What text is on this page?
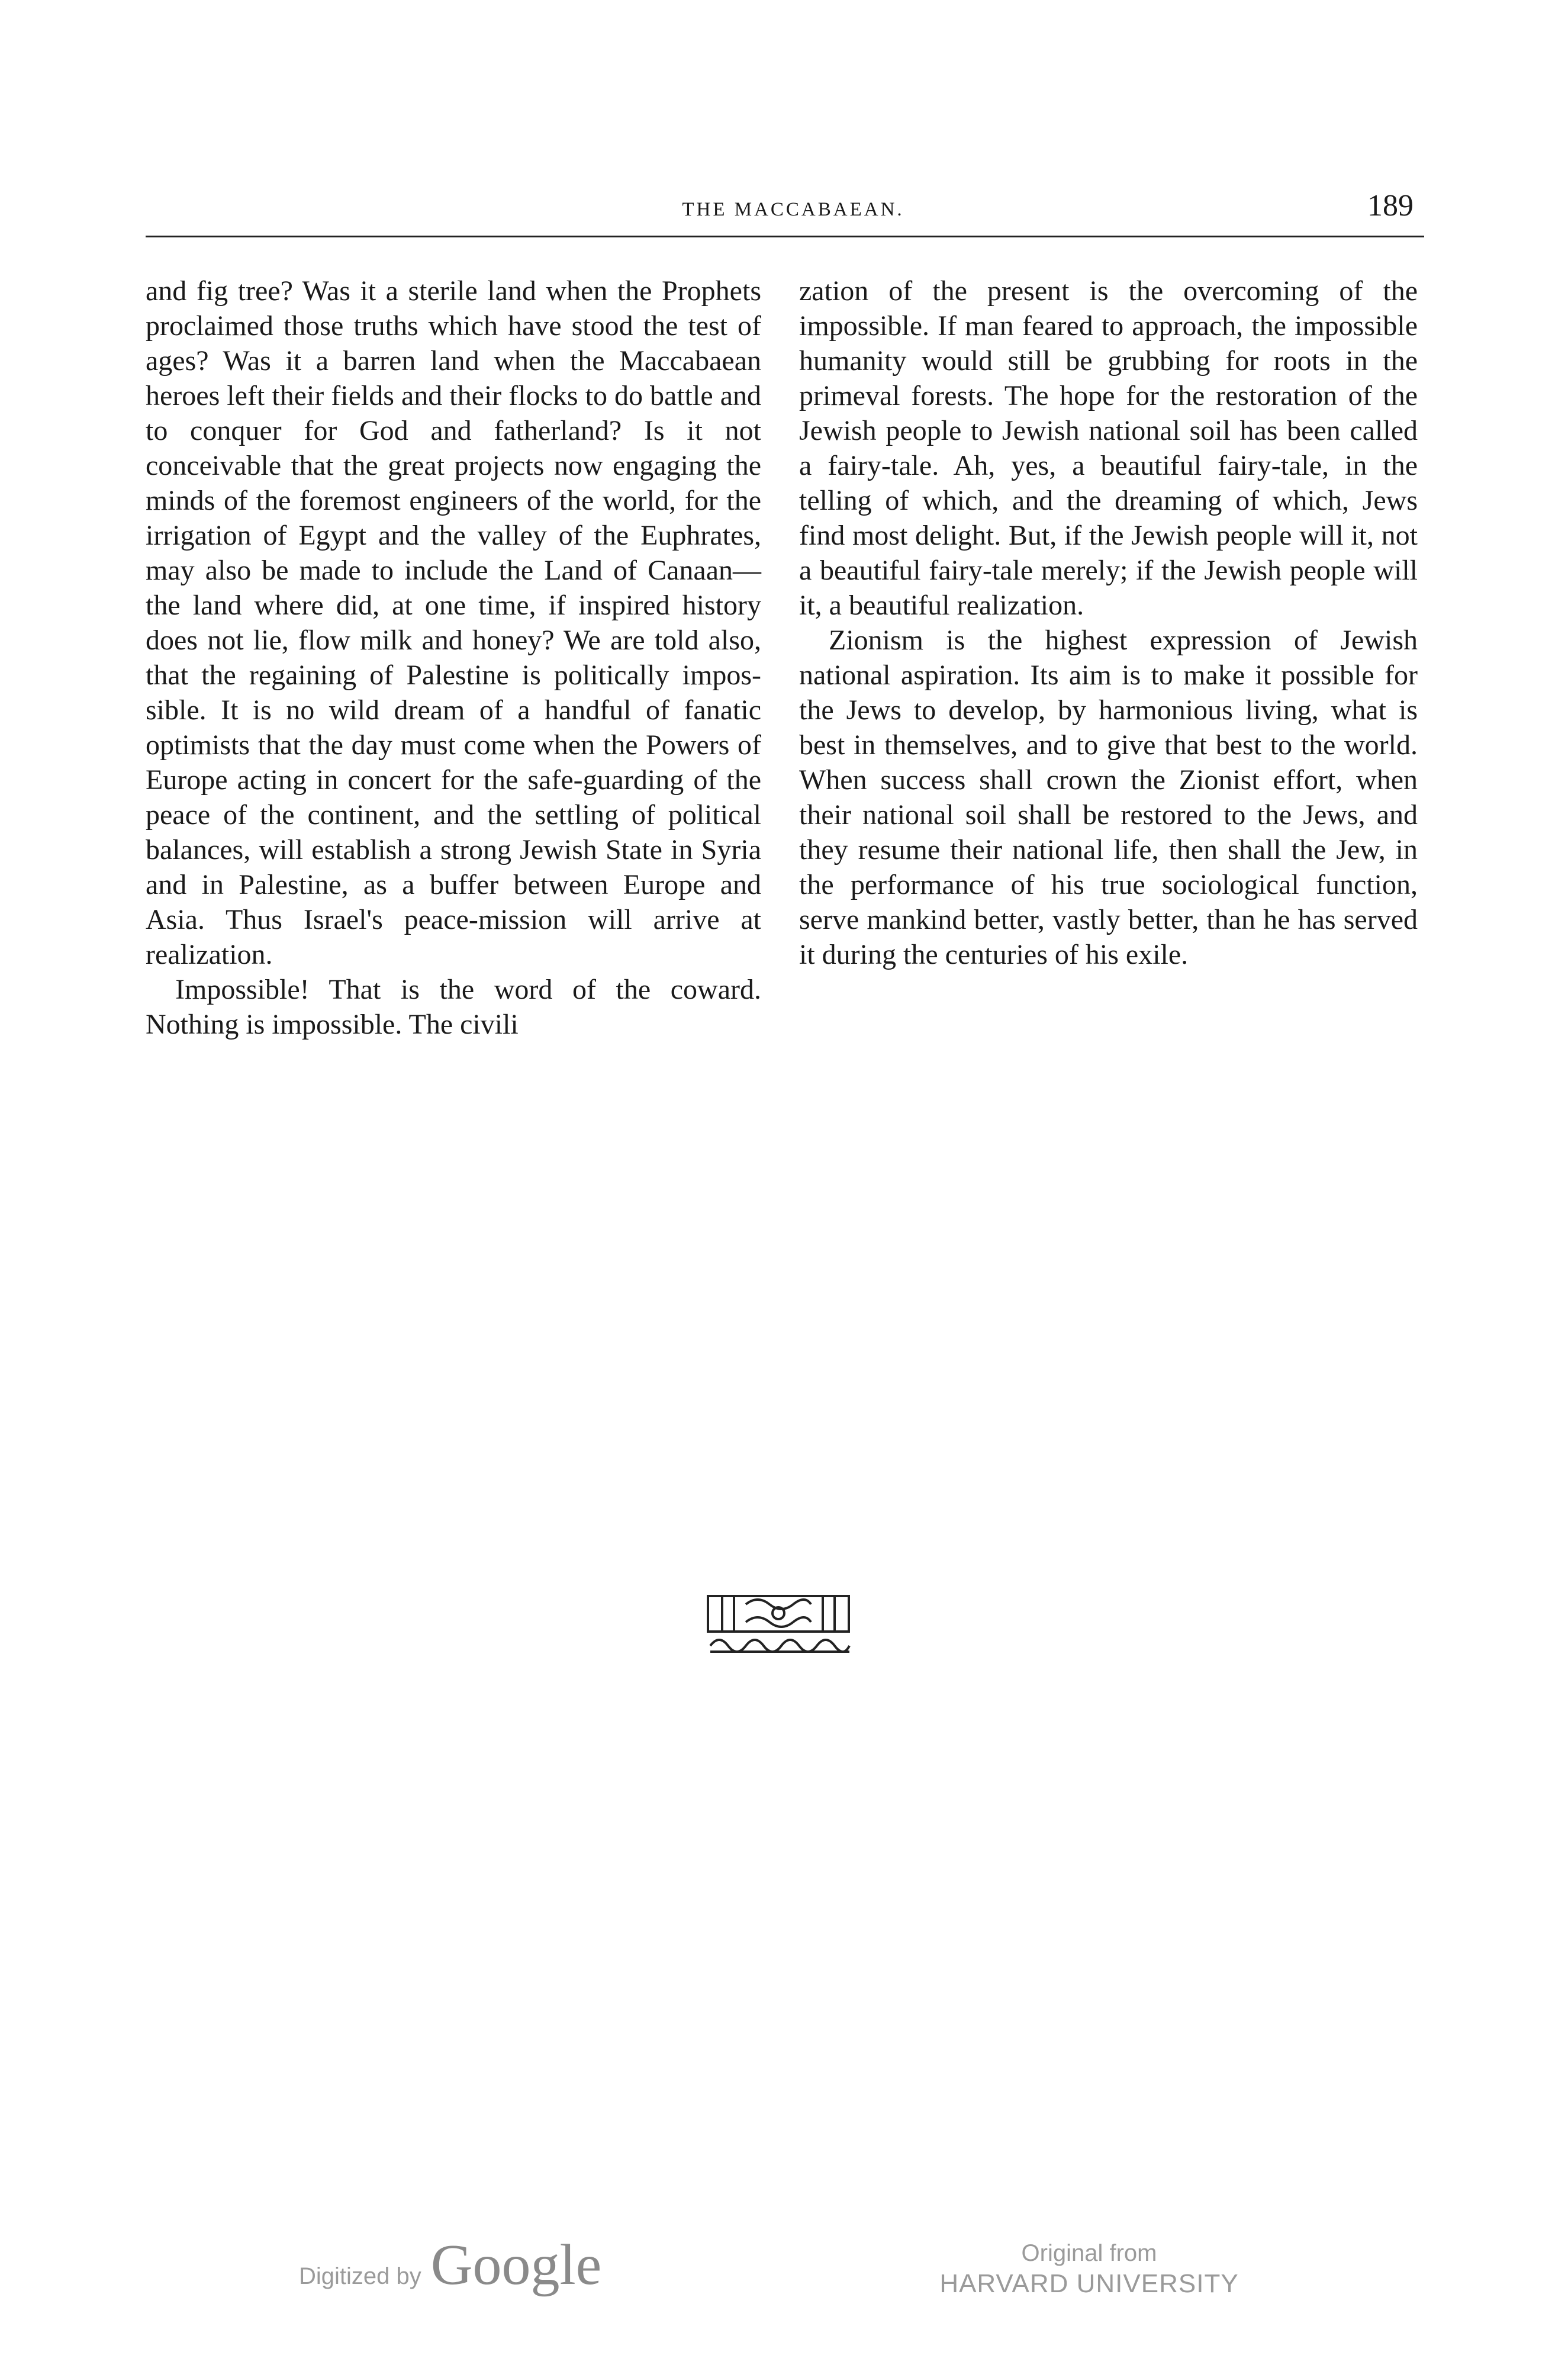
THE MACCABAEAN.	189

and fig tree? Was it a sterile land when the Prophets proclaimed those truths which have stood the test of ages? Was it a barren land when the Maccabaean heroes left their fields and their flocks to do battle and to conquer for God and fatherland? Is it not conceivable that the great projects now engaging the minds of the foremost engineers of the world, for the irrigation of Egypt and the valley of the Euphrates, may also be made to include the Land of Canaan—the land where did, at one time, if inspired history does not lie, flow milk and honey? We are told also, that the regaining of Palestine is politically impossible. It is no wild dream of a handful of fanatic optimists that the day must come when the Powers of Europe acting in concert for the safe-guarding of the peace of the continent, and the settling of political balances, will establish a strong Jewish State in Syria and in Palestine, as a buffer between Europe and Asia. Thus Israel's peace-mission will arrive at realization.

Impossible! That is the word of the coward. Nothing is impossible. The civili

zation of the present is the overcoming of the impossible. If man feared to approach, the impossible humanity would still be grubbing for roots in the primeval forests. The hope for the restoration of the Jewish people to Jewish national soil has been called a fairy-tale. Ah, yes, a beautiful fairy-tale, in the telling of which, and the dreaming of which, Jews find most delight. But, if the Jewish people will it, not a beautiful fairy-tale merely; if the Jewish people will it, a beautiful realization.

Zionism is the highest expression of Jewish national aspiration. Its aim is to make it possible for the Jews to develop, by harmonious living, what is best in themselves, and to give that best to the world. When success shall crown the Zionist effort, when their national soil shall be restored to the Jews, and they resume their national life, then shall the Jew, in the performance of his true sociological function, serve mankind better, vastly better, than he has served it during the centuries of his exile.

Digitized by Google	Original from
HARVARD UNIVERSITY
